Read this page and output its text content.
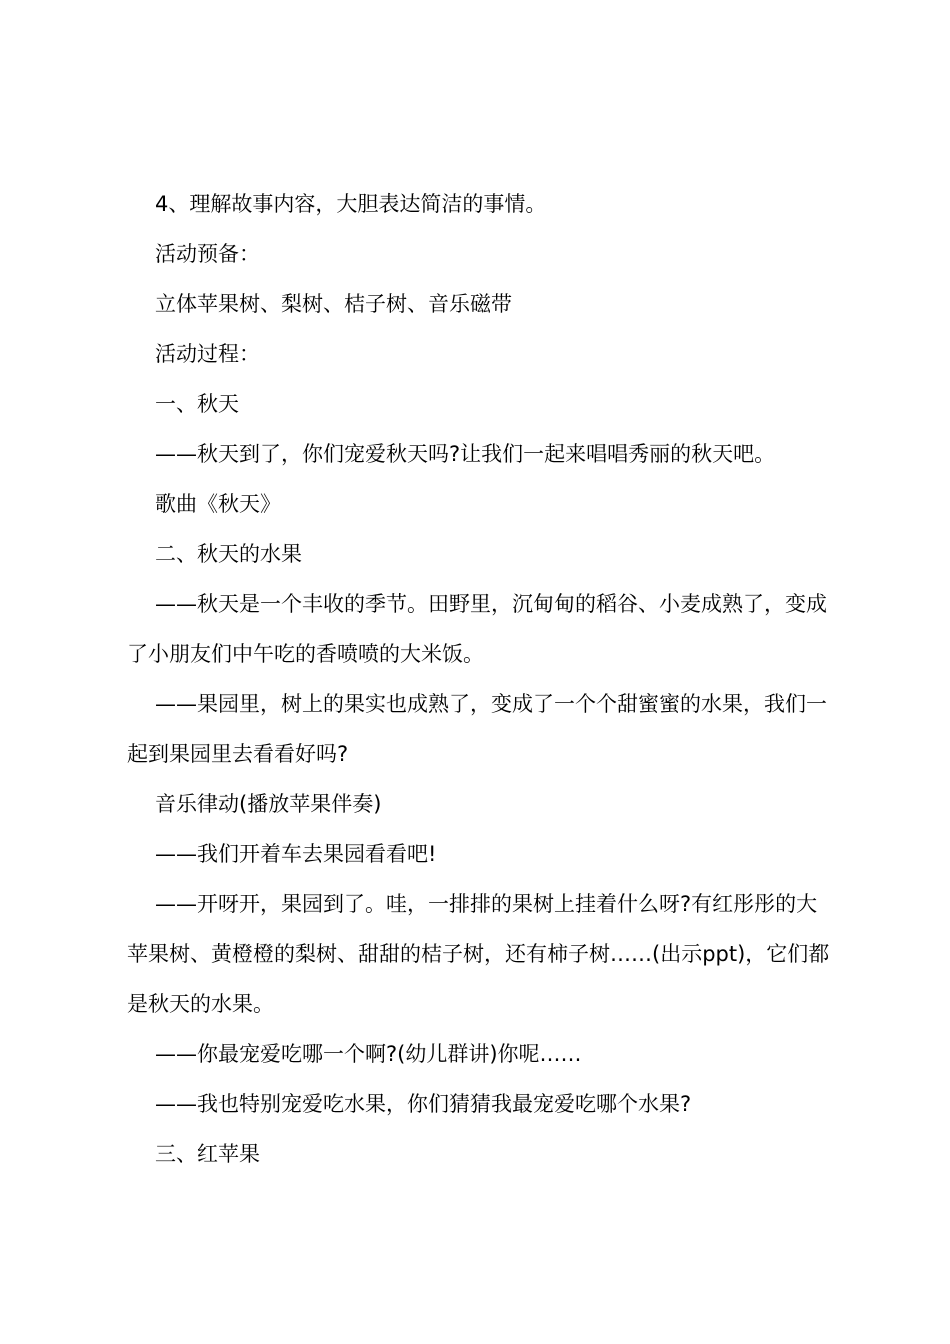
4、理解故事内容，大胆表达简洁的事情。
活动预备：
立体苹果树、梨树、桔子树、音乐磁带
活动过程：
一、秋天
——秋天到了，你们宠爱秋天吗?让我们一起来唱唱秀丽的秋天吧。
歌曲《秋天》
二、秋天的水果
——秋天是一个丰收的季节。田野里，沉甸甸的稻谷、小麦成熟了，变成了小朋友们中午吃的香喷喷的大米饭。
——果园里，树上的果实也成熟了，变成了一个个甜蜜蜜的水果，我们一起到果园里去看看好吗?
音乐律动(播放苹果伴奏)
——我们开着车去果园看看吧!
——开呀开，果园到了。哇，一排排的果树上挂着什么呀?有红彤彤的大苹果树、黄橙橙的梨树、甜甜的桔子树，还有柿子树……(出示ppt)，它们都是秋天的水果。
——你最宠爱吃哪一个啊?(幼儿群讲)你呢……
——我也特别宠爱吃水果，你们猜猜我最宠爱吃哪个水果?
三、红苹果
